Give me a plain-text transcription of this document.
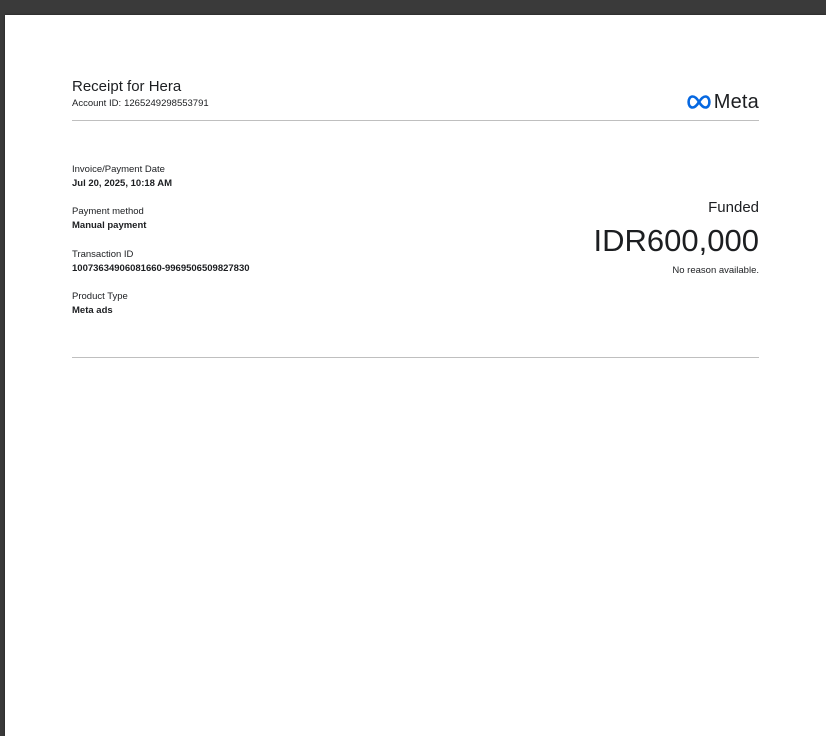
Receipt for Hera
Account ID: 1265249298553791	Meta
Invoice/Payment Date
Jul 20, 2025, 10:18 AM
Payment method
Manual payment
Transaction ID
10073634906081660-9969506509827830
Product Type
Meta ads
Funded
IDR600,000
No reason available.
